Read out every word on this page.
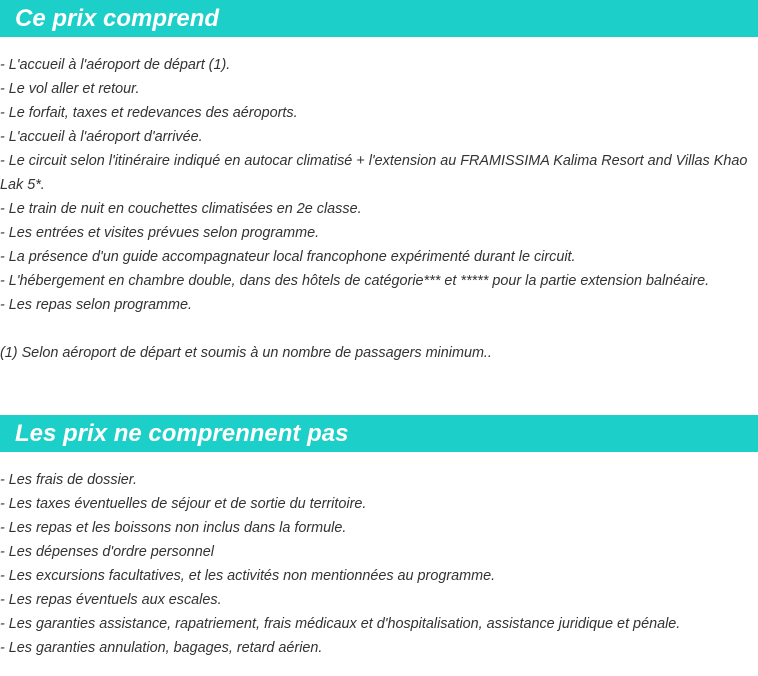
Ce prix comprend
- L'accueil à l'aéroport de départ (1).
- Le vol aller et retour.
- Le forfait, taxes et redevances des aéroports.
- L'accueil à l'aéroport d'arrivée.
- Le circuit selon l'itinéraire indiqué en autocar climatisé + l'extension au FRAMISSIMA Kalima Resort and Villas Khao Lak 5*.
- Le train de nuit en couchettes climatisées en 2e classe.
- Les entrées et visites prévues selon programme.
- La présence d'un guide accompagnateur local francophone expérimenté durant le circuit.
- L'hébergement en chambre double, dans des hôtels de catégorie*** et ***** pour la partie extension balnéaire.
- Les repas selon programme.
(1) Selon aéroport de départ et soumis à un nombre de passagers minimum..
Les prix ne comprennent pas
- Les frais de dossier.
- Les taxes éventuelles de séjour et de sortie du territoire.
- Les repas et les boissons non inclus dans la formule.
- Les dépenses d'ordre personnel
- Les excursions facultatives, et les activités non mentionnées au programme.
- Les repas éventuels aux escales.
- Les garanties assistance, rapatriement, frais médicaux et d'hospitalisation, assistance juridique et pénale.
- Les garanties annulation, bagages, retard aérien.
